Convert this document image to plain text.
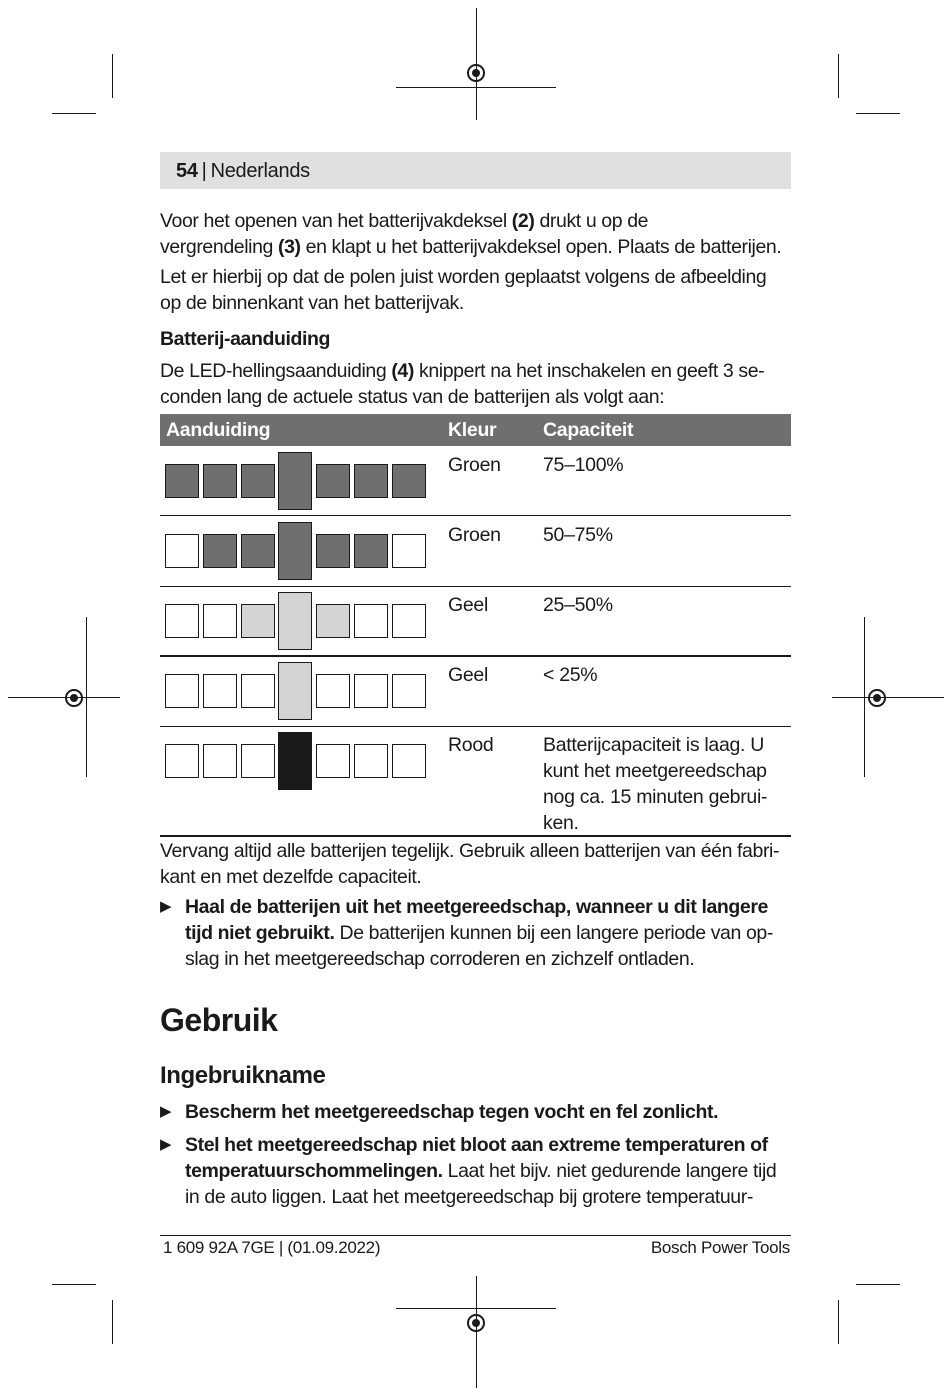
54 | Nederlands
Voor het openen van het batterijvakdeksel (2) drukt u op de
vergrendeling (3) en klapt u het batterijvakdeksel open. Plaats de batterijen.
Let er hierbij op dat de polen juist worden geplaatst volgens de afbeelding
op de binnenkant van het batterijvak.
Batterij-aanduiding
De LED-hellingsaanduiding (4) knippert na het inschakelen en geeft 3 se-
conden lang de actuele status van de batterijen als volgt aan:
Aanduiding	Kleur Capaciteit
Groen 75–100%
Groen 50–75%
Geel	25–50%
Geel	< 25%
Rood	Batterijcapaciteit is laag. U
kunt het meetgereedschap
nog ca. 15 minuten gebrui-
ken.
Vervang altijd alle batterijen tegelijk. Gebruik alleen batterijen van één fabri-
kant en met dezelfde capaciteit.
▶ Haal de batterijen uit het meetgereedschap, wanneer u dit langere
tijd niet gebruikt. De batterijen kunnen bij een langere periode van op-
slag in het meetgereedschap corroderen en zichzelf ontladen.
Gebruik
Ingebruikname
▶ Bescherm het meetgereedschap tegen vocht en fel zonlicht.
▶ Stel het meetgereedschap niet bloot aan extreme temperaturen of
temperatuurschommelingen. Laat het bijv. niet gedurende langere tijd
in de auto liggen. Laat het meetgereedschap bij grotere temperatuur-
1 609 92A 7GE | (01.09.2022)	Bosch Power Tools
